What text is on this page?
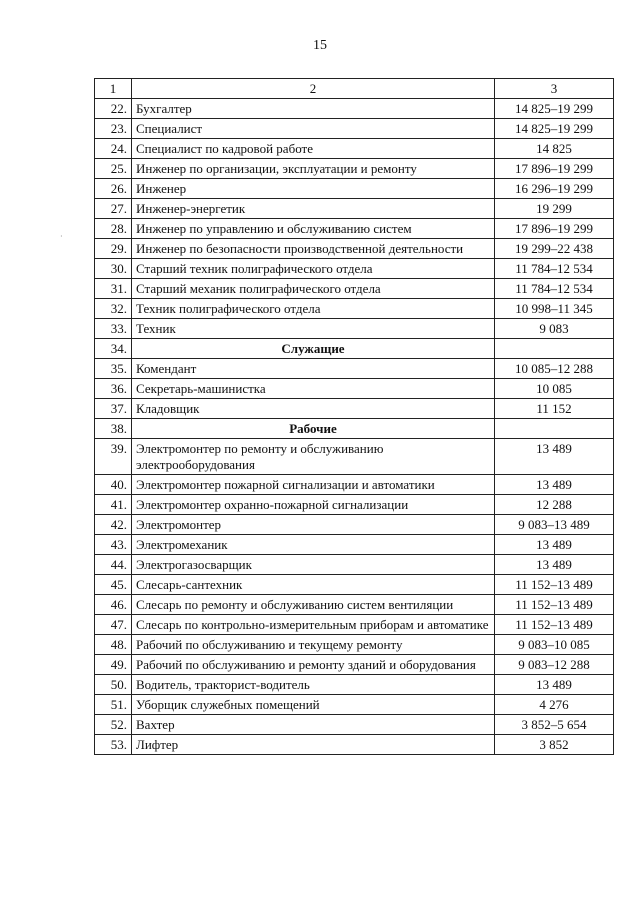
15
·
1	2	3
22.	Бухгалтер	14 825–19 299
23.	Специалист	14 825–19 299
24.	Специалист по кадровой работе	14 825
25.	Инженер по организации, эксплуатации и ремонту	17 896–19 299
26.	Инженер	16 296–19 299
27.	Инженер-энергетик	19 299
28.	Инженер по управлению и обслуживанию систем	17 896–19 299
29.	Инженер по безопасности производственной деятельности	19 299–22 438
30.	Старший техник полиграфического отдела	11 784–12 534
31.	Старший механик полиграфического отдела	11 784–12 534
32.	Техник полиграфического отдела	10 998–11 345
33.	Техник	9 083
34.	Служащие	
35.	Комендант	10 085–12 288
36.	Секретарь-машинистка	10 085
37.	Кладовщик	11 152
38.	Рабочие	
39.	Электромонтер по ремонту и обслуживанию электрооборудования	13 489
40.	Электромонтер пожарной сигнализации и автоматики	13 489
41.	Электромонтер охранно-пожарной сигнализации	12 288
42.	Электромонтер	9 083–13 489
43.	Электромеханик	13 489
44.	Электрогазосварщик	13 489
45.	Слесарь-сантехник	11 152–13 489
46.	Слесарь по ремонту и обслуживанию систем вентиляции	11 152–13 489
47.	Слесарь по контрольно-измерительным приборам и автоматике	11 152–13 489
48.	Рабочий по обслуживанию и текущему ремонту	9 083–10 085
49.	Рабочий по обслуживанию и ремонту зданий и оборудования	9 083–12 288
50.	Водитель, тракторист-водитель	13 489
51.	Уборщик служебных помещений	4 276
52.	Вахтер	3 852–5 654
53.	Лифтер	3 852
